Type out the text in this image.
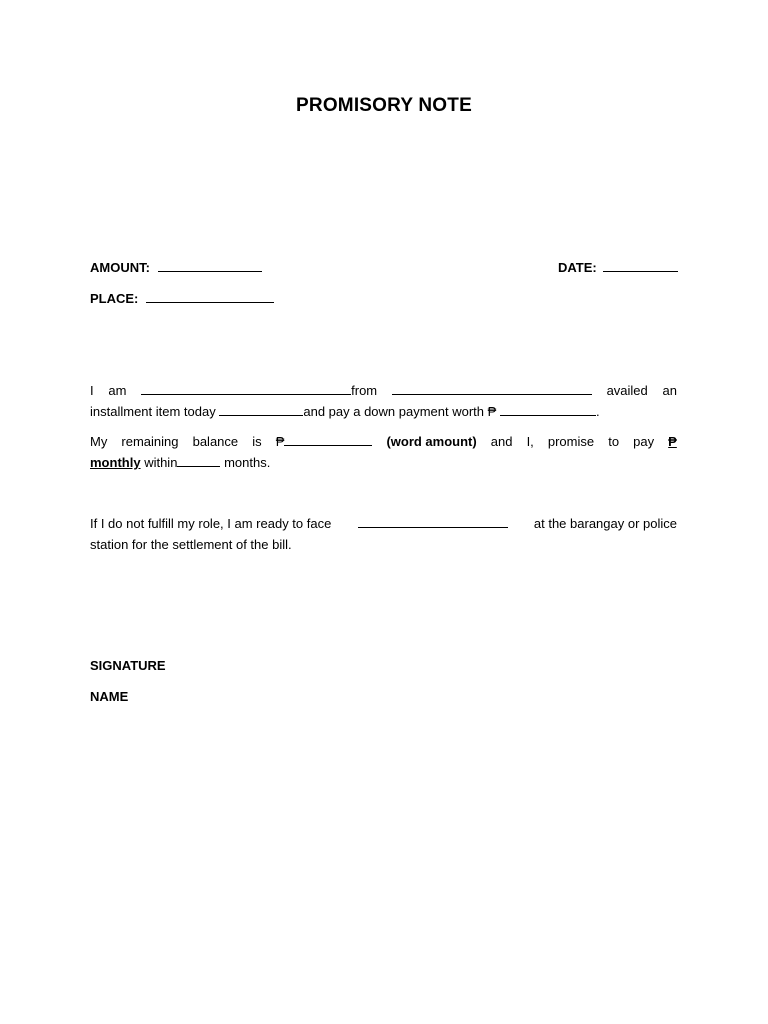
PROMISORY NOTE
AMOUNT:	DATE:
PLACE:
I am	from	availed an
installment item today	and pay a down payment worth ₱	.
My remaining balance is ₱	(word amount) and I, promise to pay ₱
monthly within	months.
If I do not fulfill my role, I am ready to face	at the barangay or police
station for the settlement of the bill.
SIGNATURE
NAME
